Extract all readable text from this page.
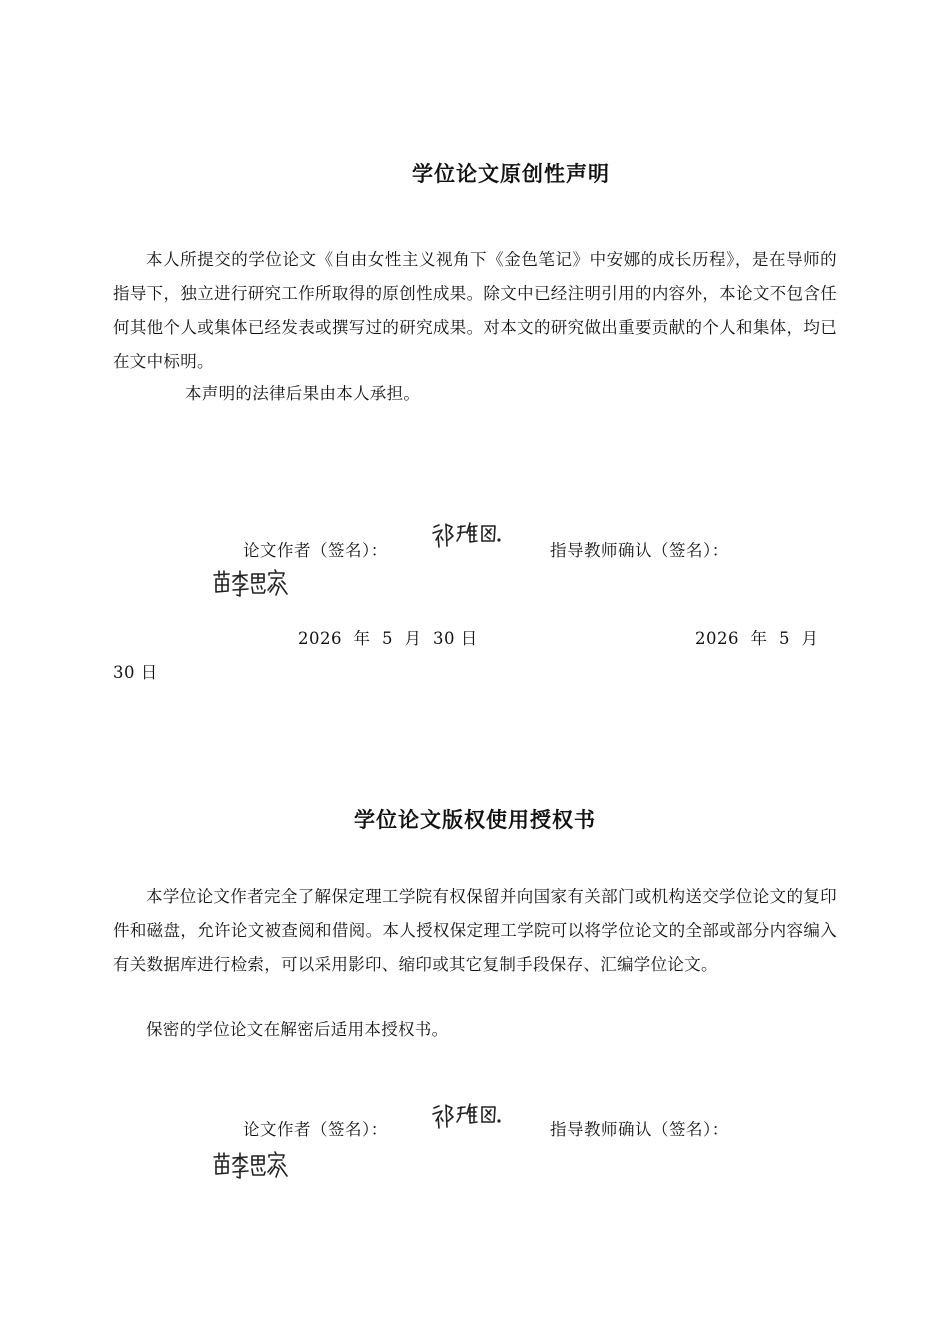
学位论文原创性声明
本人所提交的学位论文《自由女性主义视角下《金色笔记》中安娜的成长历程》，是在导师的指导下，独立进行研究工作所取得的原创性成果。除文中已经注明引用的内容外，本论文不包含任何其他个人或集体已经发表或撰写过的研究成果。对本文的研究做出重要贡献的个人和集体，均已在文中标明。
本声明的法律后果由本人承担。
论文作者（签名）：	指导教师确认（签名）：
2026  年  5  月  30 日	2026  年  5  月
30 日
学位论文版权使用授权书
本学位论文作者完全了解保定理工学院有权保留并向国家有关部门或机构送交学位论文的复印件和磁盘，允许论文被查阅和借阅。本人授权保定理工学院可以将学位论文的全部或部分内容编入有关数据库进行检索，可以采用影印、缩印或其它复制手段保存、汇编学位论文。
保密的学位论文在解密后适用本授权书。
论文作者（签名）：	指导教师确认（签名）：
